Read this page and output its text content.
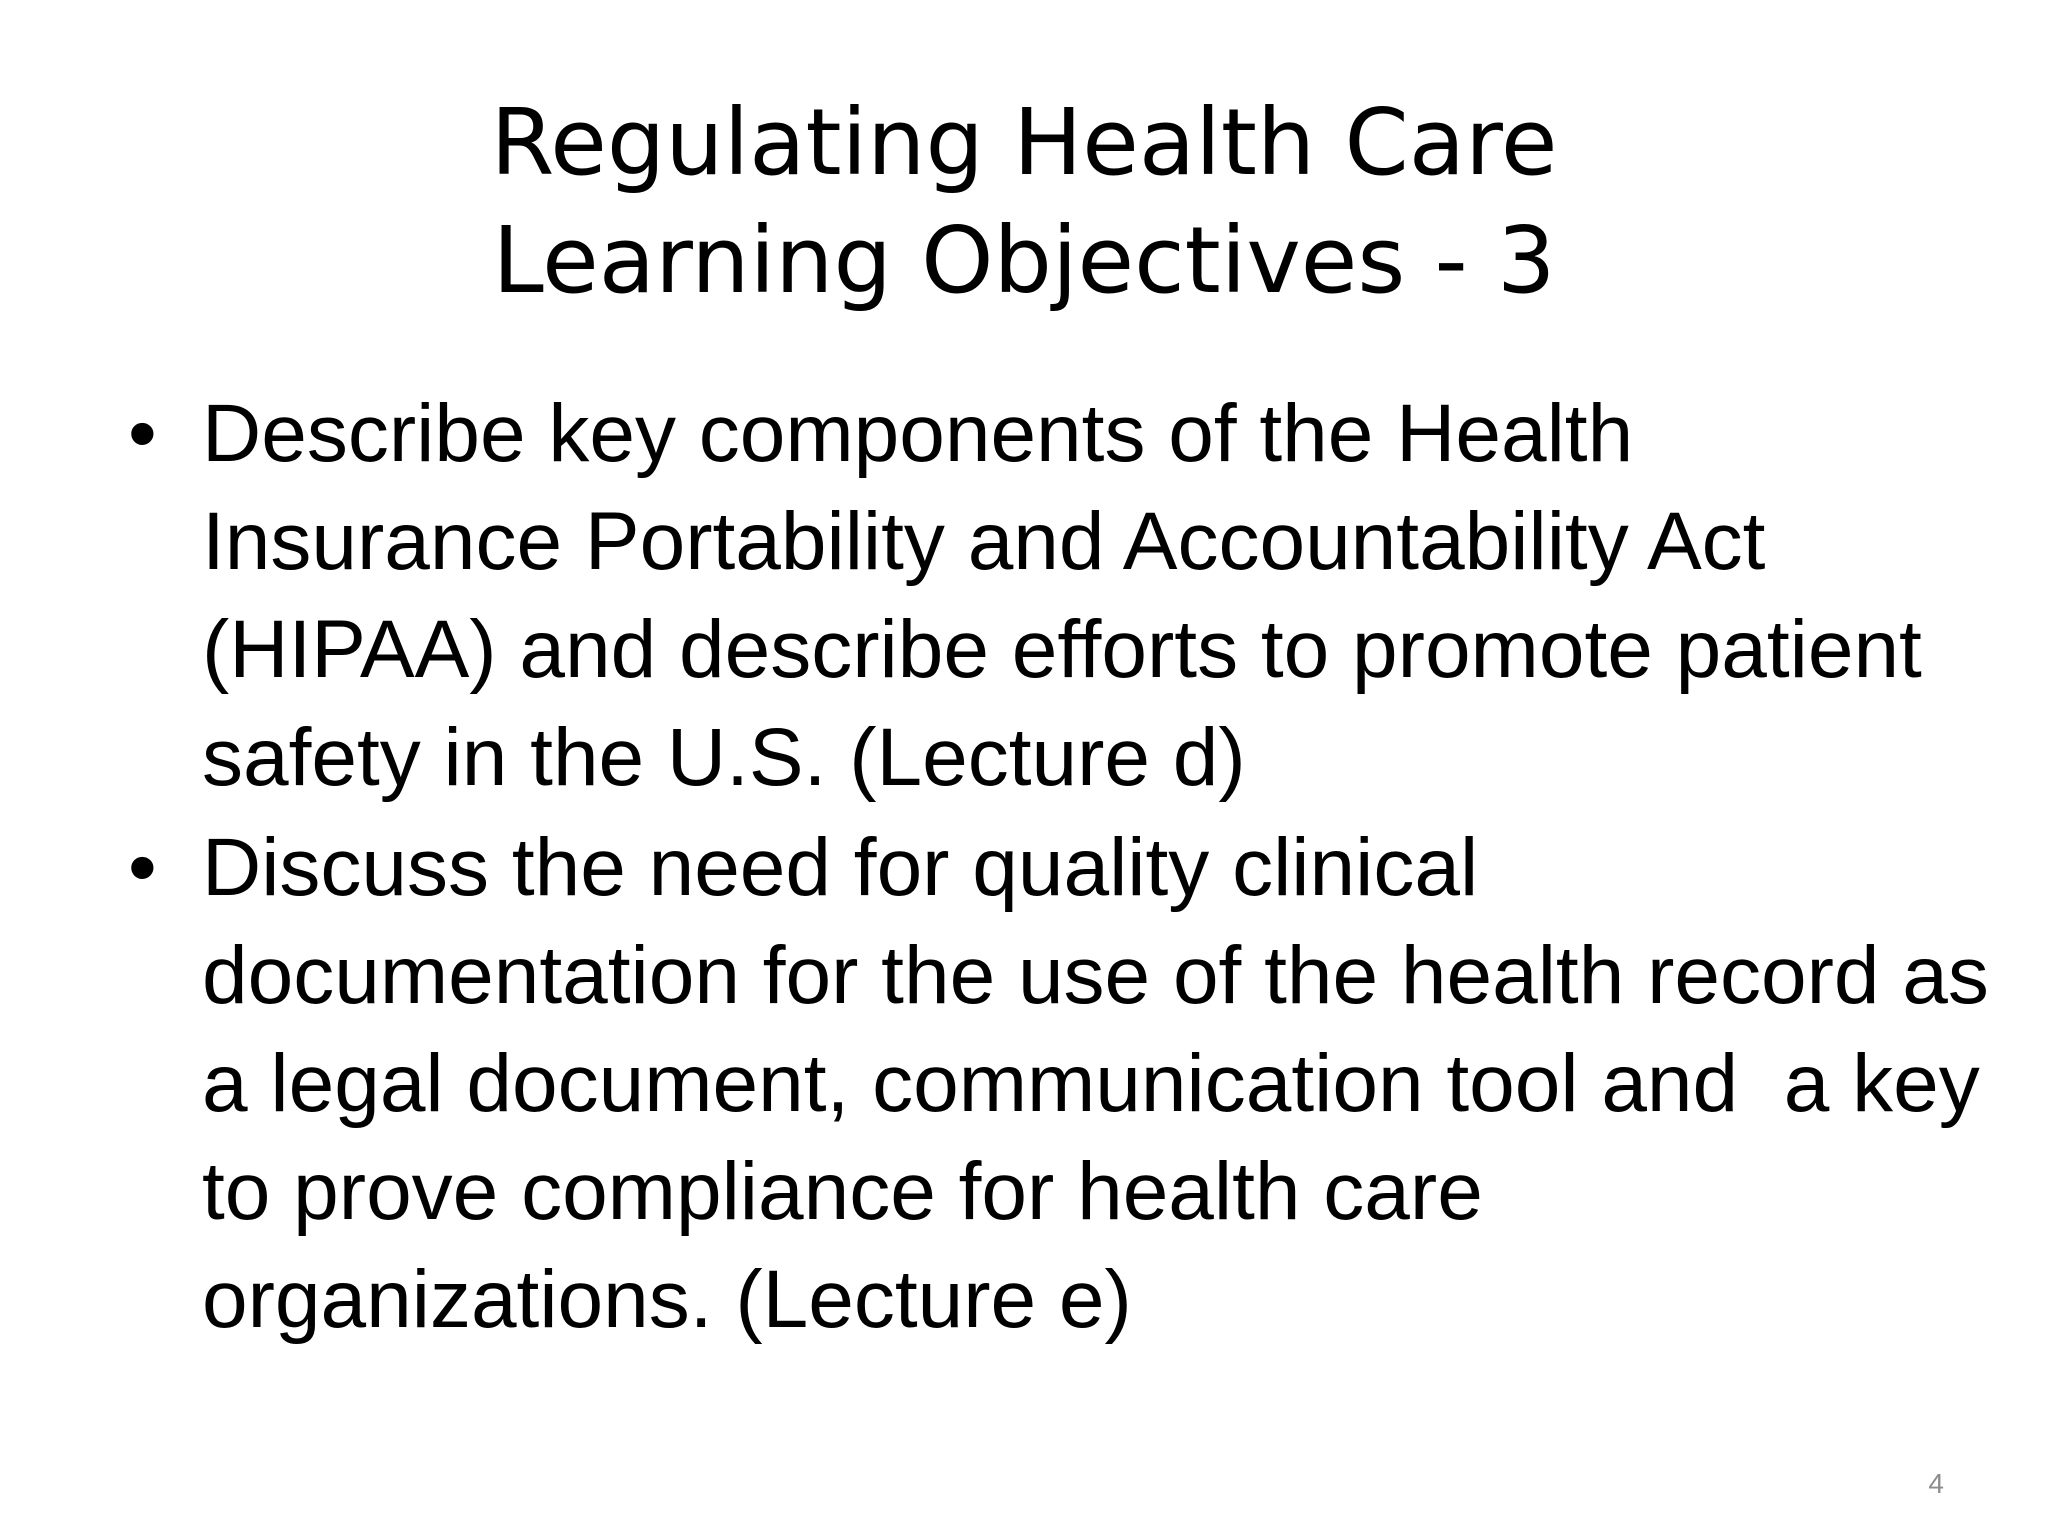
Regulating Health Care
Learning Objectives - 3
• Describe key components of the Health Insurance Portability and Accountability Act (HIPAA) and describe efforts to promote patient safety in the U.S. (Lecture d)
• Discuss the need for quality clinical documentation for the use of the health record as a legal document, communication tool and  a key to prove compliance for health care organizations. (Lecture e)
4
